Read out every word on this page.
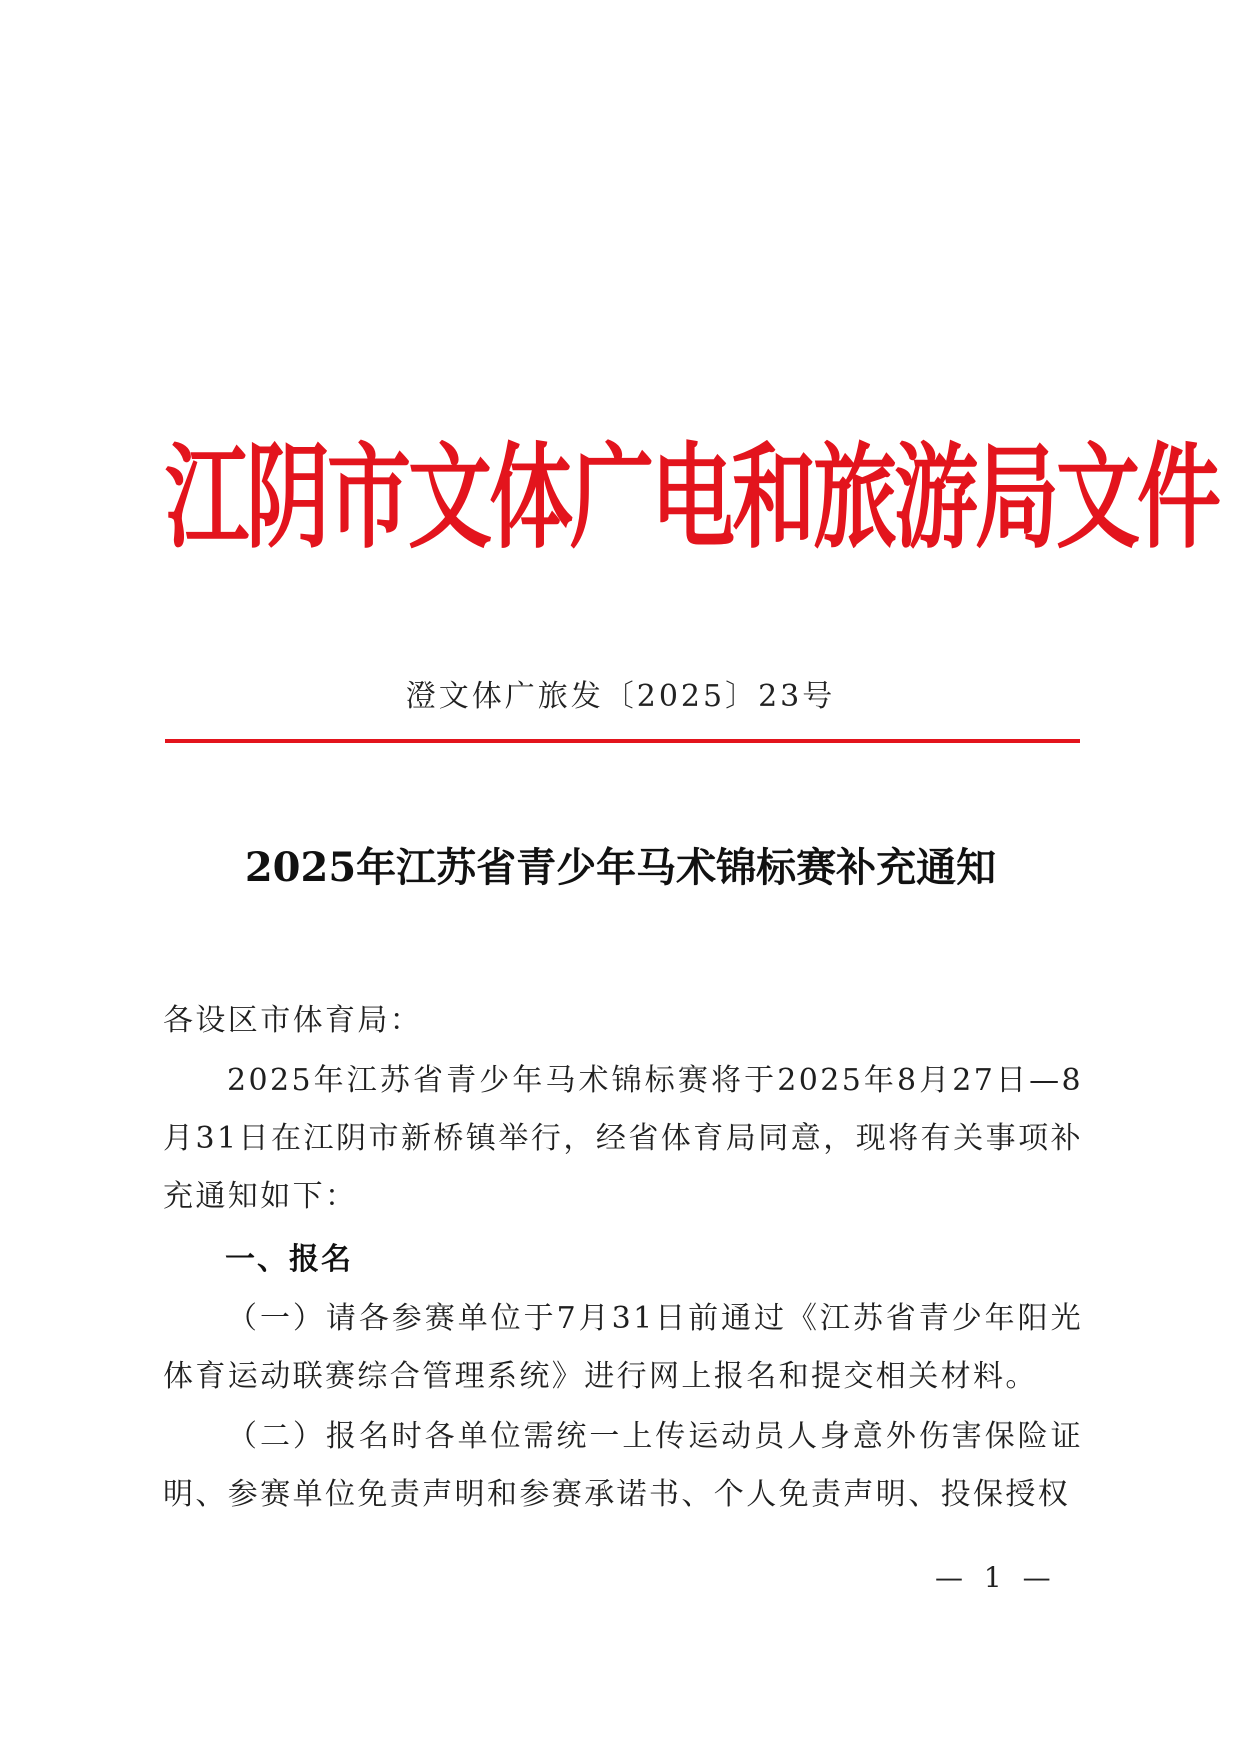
江阴市文体广电和旅游局文件
澄文体广旅发〔2025〕23号
2025年江苏省青少年马术锦标赛补充通知
各设区市体育局：
2025年江苏省青少年马术锦标赛将于2025年8月27日—8月31日在江阴市新桥镇举行，经省体育局同意，现将有关事项补充通知如下：
一、报名
（一）请各参赛单位于7月31日前通过《江苏省青少年阳光体育运动联赛综合管理系统》进行网上报名和提交相关材料。
（二）报名时各单位需统一上传运动员人身意外伤害保险证明、参赛单位免责声明和参赛承诺书、个人免责声明、投保授权
— 1 —
